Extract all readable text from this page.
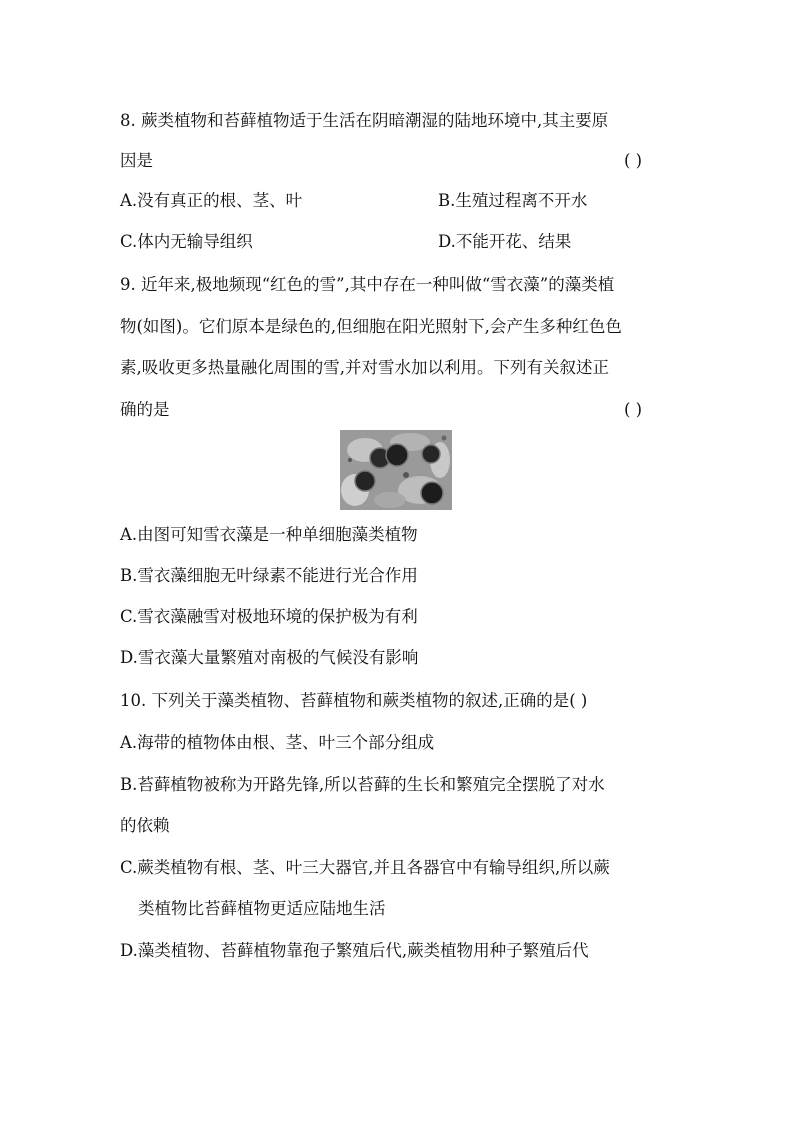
8. 蕨类植物和苔藓植物适于生活在阴暗潮湿的陆地环境中,其主要原
因是	( )
A.没有真正的根、茎、叶	B.生殖过程离不开水
C.体内无输导组织	D.不能开花、结果
9. 近年来,极地频现“红色的雪”,其中存在一种叫做“雪衣藻”的藻类植
物(如图)。它们原本是绿色的,但细胞在阳光照射下,会产生多种红色色
素,吸收更多热量融化周围的雪,并对雪水加以利用。下列有关叙述正
确的是	( )
A.由图可知雪衣藻是一种单细胞藻类植物
B.雪衣藻细胞无叶绿素不能进行光合作用
C.雪衣藻融雪对极地环境的保护极为有利
D.雪衣藻大量繁殖对南极的气候没有影响
10. 下列关于藻类植物、苔藓植物和蕨类植物的叙述,正确的是( )
A.海带的植物体由根、茎、叶三个部分组成
B.苔藓植物被称为开路先锋,所以苔藓的生长和繁殖完全摆脱了对水
的依赖
C.蕨类植物有根、茎、叶三大器官,并且各器官中有输导组织,所以蕨
类植物比苔藓植物更适应陆地生活
D.藻类植物、苔藓植物靠孢子繁殖后代,蕨类植物用种子繁殖后代
